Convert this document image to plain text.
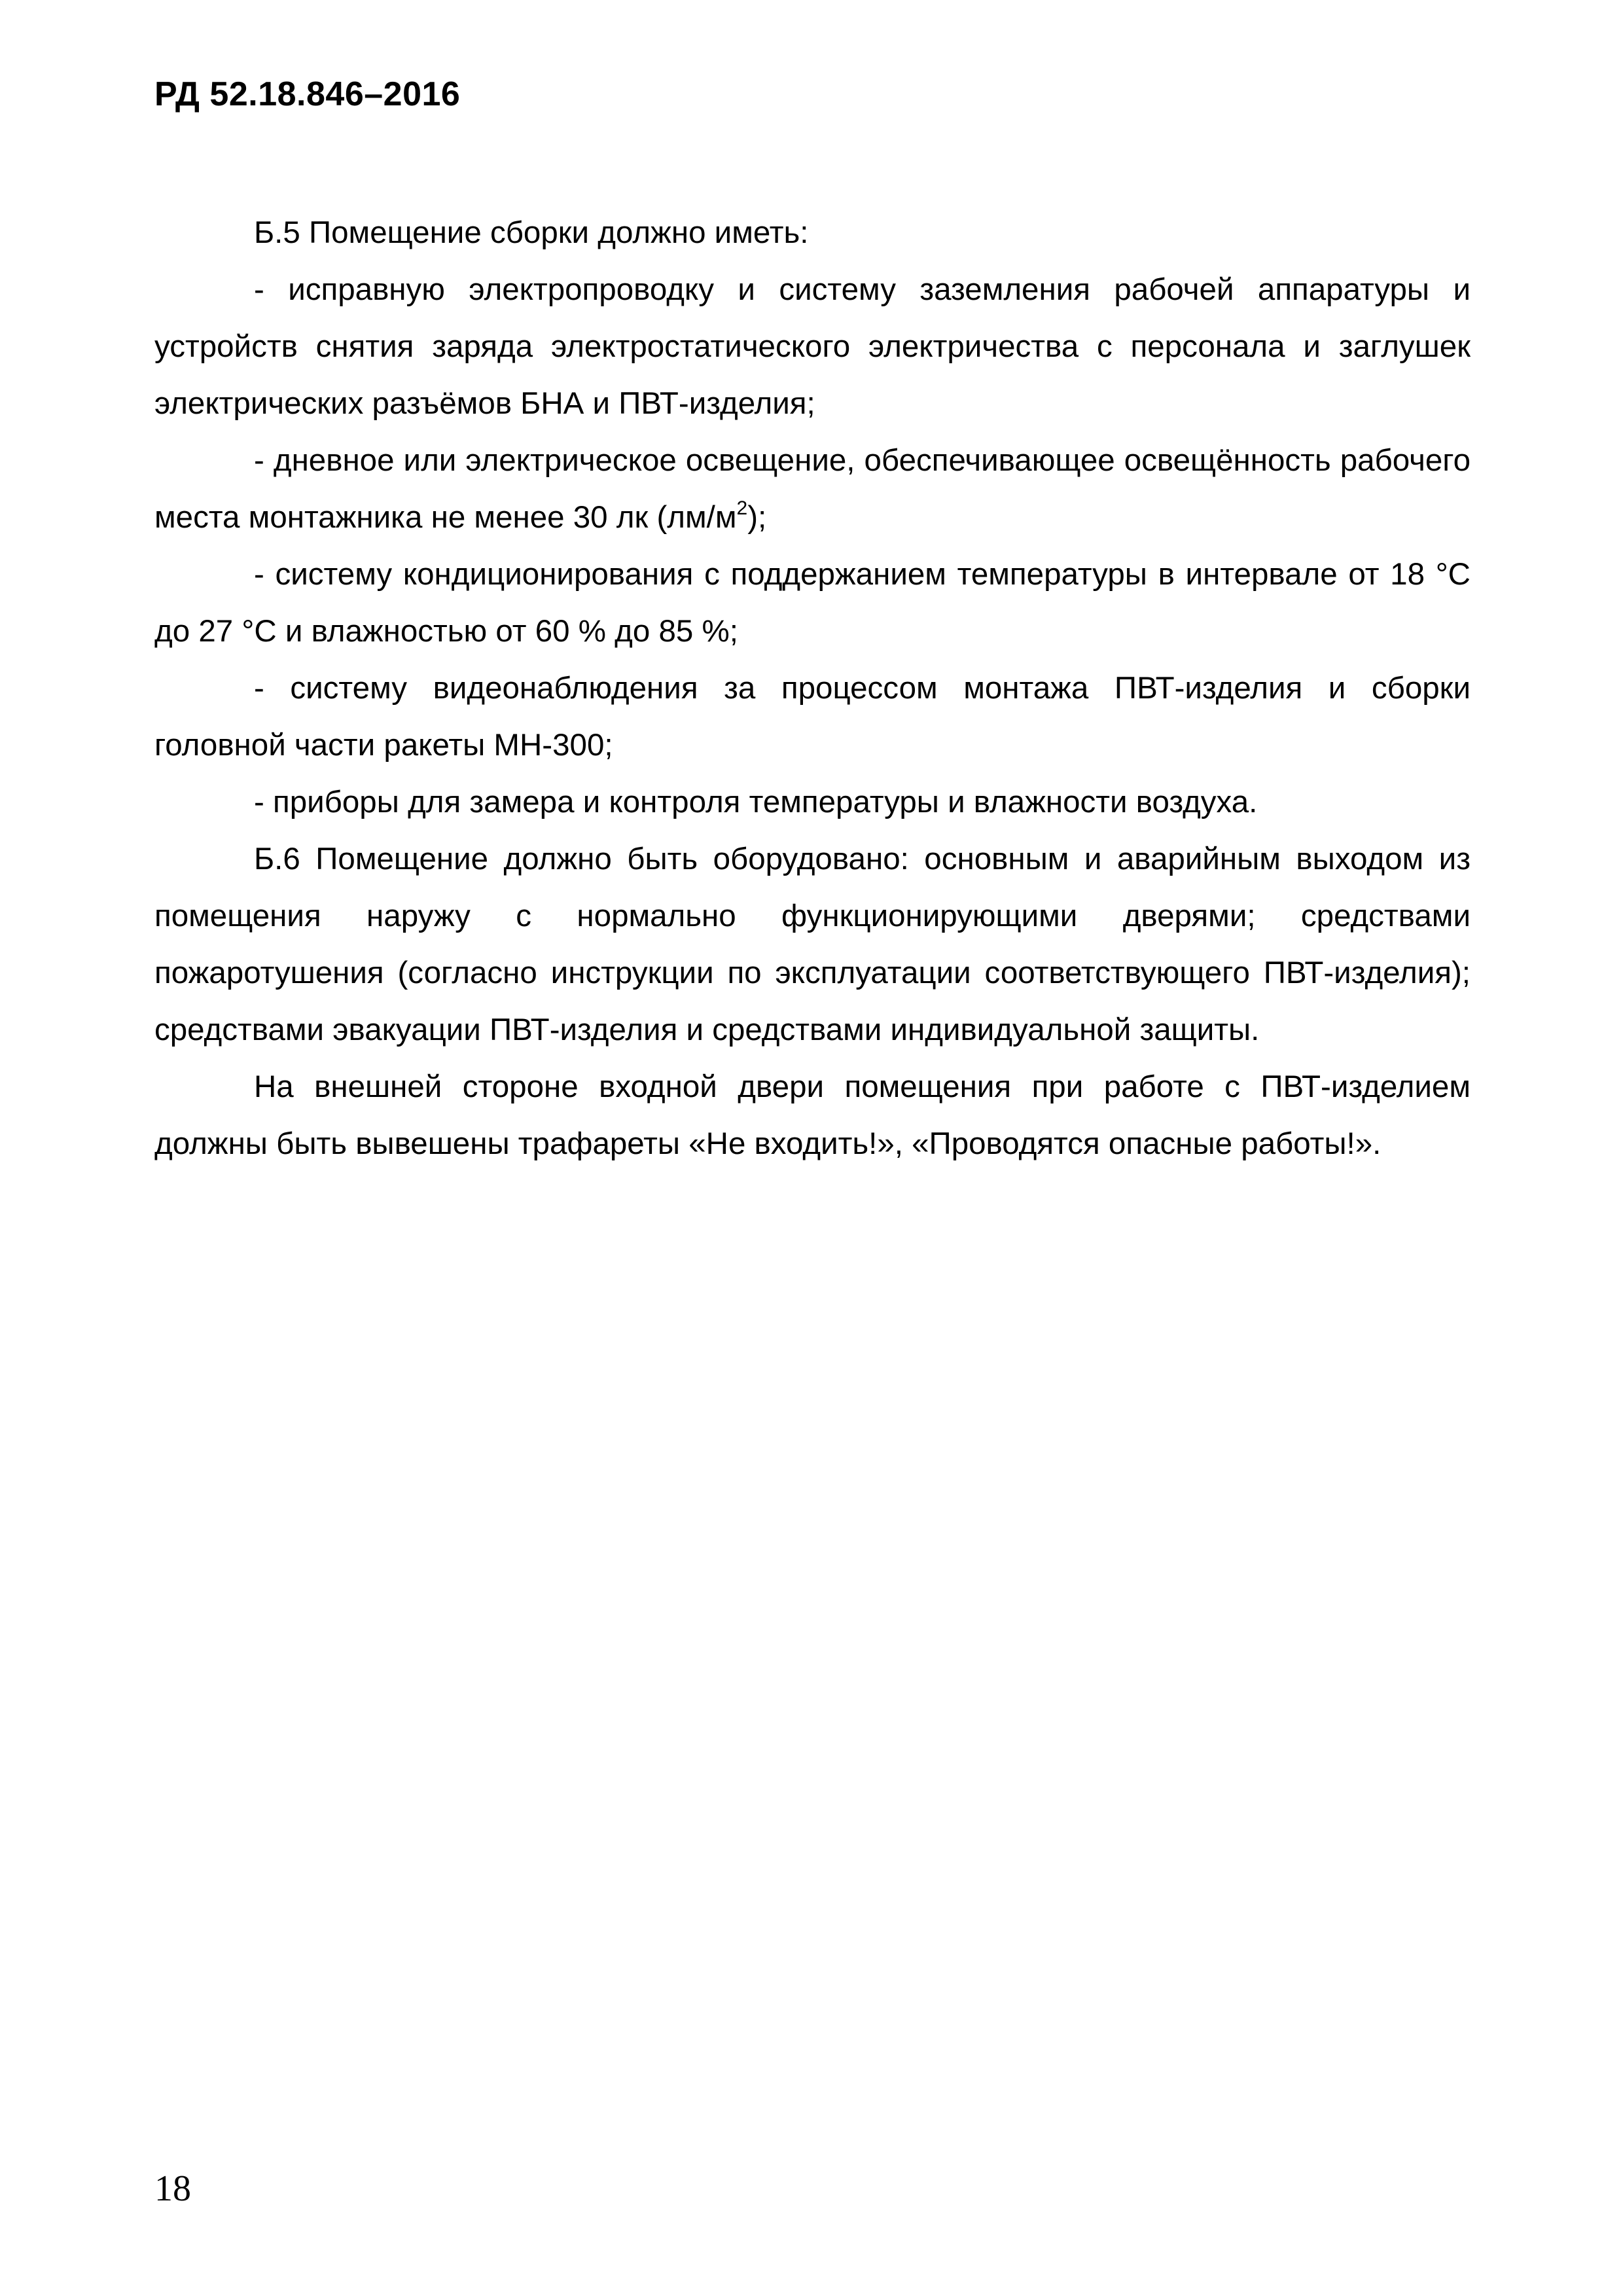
РД 52.18.846–2016

Б.5 Помещение сборки должно иметь:

- исправную электропроводку и систему заземления рабочей аппаратуры и устройств снятия заряда электростатического электричества с персонала и заглушек электрических разъёмов БНА и ПВТ-изделия;

- дневное или электрическое освещение, обеспечивающее освещённость рабочего места монтажника не менее 30 лк $(лм/м^2)$;

- систему кондиционирования с поддержанием температуры в интервале от 18 °С до 27 °С и влажностью от 60 % до 85 %;

- систему видеонаблюдения за процессом монтажа ПВТ-изделия и сборки головной части ракеты МН-300;

- приборы для замера и контроля температуры и влажности воздуха.

Б.6 Помещение должно быть оборудовано: основным и аварийным выходом из помещения наружу с нормально функционирующими дверями; средствами пожаротушения (согласно инструкции по эксплуатации соответствующего ПВТ-изделия); средствами эвакуации ПВТ-изделия и средствами индивидуальной защиты.

На внешней стороне входной двери помещения при работе с ПВТ-изделием должны быть вывешены трафареты «Не входить!», «Проводятся опасные работы!».

18
